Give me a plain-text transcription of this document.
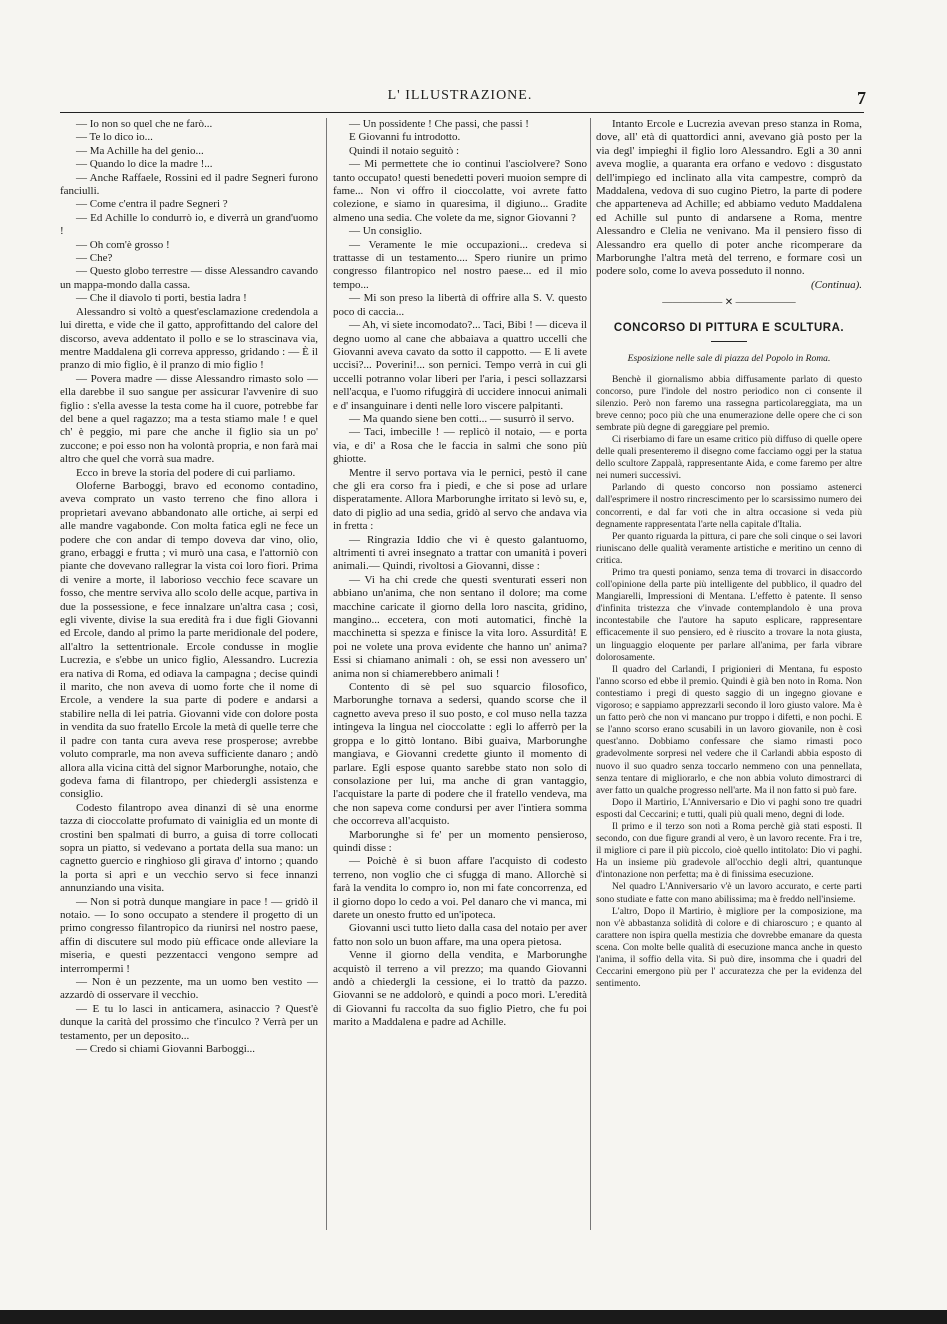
L' ILLUSTRAZIONE.	7

— Io non so quel che ne farò...

— Te lo dico io...

— Ma Achille ha del genio...

— Quando lo dice la madre !...

— Anche Raffaele, Rossini ed il padre Segneri furono fanciulli.

— Come c'entra il padre Segneri ?

— Ed Achille lo condurrò io, e diverrà un grand'uomo !

— Oh com'è grosso !

— Che?

— Questo globo terrestre — disse Alessandro cavando un mappa-mondo dalla cassa.

— Che il diavolo ti porti, bestia ladra !

Alessandro si voltò a quest'esclamazione credendola a lui diretta, e vide che il gatto, approfittando del calore del discorso, aveva addentato il pollo e se lo strascinava via, mentre Maddalena gli correva appresso, gridando : — È il pranzo di mio figlio, è il pranzo di mio figlio !

— Povera madre — disse Alessandro rimasto solo — ella darebbe il suo sangue per assicurar l'avvenire di suo figlio : s'ella avesse la testa come ha il cuore, potrebbe far del bene a quel ragazzo; ma a testa stiamo male ! e quel ch' è peggio, mi pare che anche il figlio sia un po' zuccone; e poi esso non ha volontà propria, e non farà mai altro che quel che vorrà sua madre.

Ecco in breve la storia del podere di cui parliamo.

Oloferne Barboggi, bravo ed economo contadino, aveva comprato un vasto terreno che fino allora i proprietari avevano abbandonato alle ortiche, ai serpi ed alle mandre vagabonde. Con molta fatica egli ne fece un podere che con andar di tempo doveva dar vino, olio, grano, erbaggi e frutta ; vi murò una casa, e l'attorniò con piante che dovevano rallegrar la vista coi loro fiori. Prima di venire a morte, il laborioso vecchio fece scavare un fosso, che mentre serviva allo scolo delle acque, partiva in due la possessione, e fece innalzare un'altra casa ; così, egli vivente, divise la sua eredità fra i due figli Giovanni ed Ercole, dando al primo la parte meridionale del podere, all'altro la settentrionale. Ercole condusse in moglie Lucrezia, e s'ebbe un unico figlio, Alessandro. Lucrezia era nativa di Roma, ed odiava la campagna ; decise quindi il marito, che non aveva di uomo forte che il nome di Ercole, a vendere la sua parte di podere e andarsi a stabilire nella di lei patria. Giovanni vide con dolore posta in vendita da suo fratello Ercole la metà di quelle terre che il padre con tanta cura aveva rese prosperose; avrebbe voluto comprarle, ma non aveva sufficiente danaro ; andò allora alla vicina città del signor Marborunghe, notaio, che godeva fama di filantropo, per chiedergli assistenza e consiglio.

Codesto filantropo avea dinanzi di sè una enorme tazza di cioccolatte profumato di vainiglia ed un monte di crostini ben spalmati di burro, a guisa di torre collocati sopra un piatto, si vedevano a portata della sua mano: un cagnetto guercio e ringhioso gli girava d' intorno ; quando la porta si aprì e un vecchio servo si fece innanzi annunziando una visita.

— Non si potrà dunque mangiare in pace ! — gridò il notaio. — Io sono occupato a stendere il progetto di un primo congresso filantropico da riunirsi nel nostro paese, affin di discutere sul modo più efficace onde alleviare la miseria, e questi pezzentacci vengono sempre ad interrompermi !

— Non è un pezzente, ma un uomo ben vestito — azzardò di osservare il vecchio.

— E tu lo lasci in anticamera, asinaccio ? Quest'è dunque la carità del prossimo che t'inculco ? Verrà per un testamento, per un deposito...

— Credo si chiami Giovanni Barboggi...

— Un possidente ! Che passi, che passi !

E Giovanni fu introdotto.

Quindi il notaio seguitò :

— Mi permettete che io continui l'asciolvere? Sono tanto occupato! questi benedetti poveri muoion sempre di fame... Non vi offro il cioccolatte, voi avrete fatto colezione, e siamo in quaresima, il digiuno... Gradite almeno una sedia. Che volete da me, signor Giovanni ?

— Un consiglio.

— Veramente le mie occupazioni... credeva si trattasse di un testamento.... Spero riunire un primo congresso filantropico nel nostro paese... ed il mio tempo...

— Mi son preso la libertà di offrire alla S. V. questo poco di caccia...

— Ah, vi siete incomodato?... Taci, Bibi ! — diceva il degno uomo al cane che abbaiava a quattro uccelli che Giovanni aveva cavato da sotto il cappotto. — E li avete uccisi?... Poverini!... son pernici. Tempo verrà in cui gli uccelli potranno volar liberi per l'aria, i pesci sollazzarsi nell'acqua, e l'uomo rifuggirà di uccidere innocui animali e d' insanguinare i denti nelle loro viscere palpitanti.

— Ma quando siene ben cotti... — susurrò il servo.

— Taci, imbecille ! — replicò il notaio, — e porta via, e di' a Rosa che le faccia in salmì che sono più ghiotte.

Mentre il servo portava via le pernici, pestò il cane che gli era corso fra i piedi, e che si pose ad urlare disperatamente. Allora Marborunghe irritato si levò su, e, dato di piglio ad una sedia, gridò al servo che andava via in fretta :

— Ringrazia Iddio che vi è questo galantuomo, altrimenti ti avrei insegnato a trattar con umanità i poveri animali.— Quindi, rivoltosi a Giovanni, disse :

— Vi ha chi crede che questi sventurati esseri non abbiano un'anima, che non sentano il dolore; ma come macchine caricate il giorno della loro nascita, gridino, mangino... eccetera, con moti automatici, finchè la macchinetta si spezza e finisce la vita loro. Assurdità! E poi ne volete una prova evidente che hanno un' anima? Essi si chiamano animali : oh, se essi non avessero un' anima non si chiamerebbero animali !

Contento di sè pel suo squarcio filosofico, Marborunghe tornava a sedersi, quando scorse che il cagnetto aveva preso il suo posto, e col muso nella tazza intingeva la lingua nel cioccolatte : egli lo afferrò per la groppa e lo gittò lontano. Bibi guaiva, Marborunghe mangiava, e Giovanni credette giunto il momento di parlare. Egli espose quanto sarebbe stato non solo di consolazione per lui, ma anche di gran vantaggio, l'acquistare la parte di podere che il fratello vendeva, ma che non sapeva come condursi per aver l'intiera somma che occorreva all'acquisto.

Marborunghe si fe' per un momento pensieroso, quindi disse :

— Poichè è sì buon affare l'acquisto di codesto terreno, non voglio che ci sfugga di mano. Allorchè si farà la vendita lo compro io, non mi fate concorrenza, ed il giorno dopo lo cedo a voi. Pel danaro che vi manca, mi darete un onesto frutto ed un'ipoteca.

Giovanni uscì tutto lieto dalla casa del notaio per aver fatto non solo un buon affare, ma una opera pietosa.

Venne il giorno della vendita, e Marborunghe acquistò il terreno a vil prezzo; ma quando Giovanni andò a chiedergli la cessione, ei lo trattò da pazzo. Giovanni se ne addolorò, e quindi a poco morì. L'eredità di Giovanni fu raccolta da suo figlio Pietro, che fu poi marito a Maddalena e padre ad Achille.

Intanto Ercole e Lucrezia avevan preso stanza in Roma, dove, all' età di quattordici anni, avevano già posto per la via degl' impieghi il figlio loro Alessandro. Egli a 30 anni aveva moglie, a quaranta era orfano e vedovo : disgustato dell'impiego ed inclinato alla vita campestre, comprò da Maddalena, vedova di suo cugino Pietro, la parte di podere che apparteneva ad Achille; ed abbiamo veduto Maddalena ed Achille sul punto di andarsene a Roma, mentre Alessandro e Clelia ne venivano. Ma il pensiero fisso di Alessandro era quello di poter anche ricomperare da Marborunghe l'altra metà del terreno, e formare così un podere solo, come lo aveva posseduto il nonno.

(Continua).

—————— ✕ ——————
CONCORSO DI PITTURA E SCULTURA.

Esposizione nelle sale di piazza del Popolo in Roma.

Benchè il giornalismo abbia diffusamente parlato di questo concorso, pure l'indole del nostro periodico non ci consente il silenzio. Però non faremo una rassegna particolareggiata, ma un breve cenno; poco più che una enumerazione delle opere che ci son sembrate più degne di gareggiare pel premio.

Ci riserbiamo di fare un esame critico più diffuso di quelle opere delle quali presenteremo il disegno come facciamo oggi per la statua dello scultore Zappalà, rappresentante Aida, e come faremo per altre nei numeri successivi.

Parlando di questo concorso non possiamo astenerci dall'esprimere il nostro rincrescimento per lo scarsissimo numero dei concorrenti, e dal far voti che in altra occasione si veda più degnamente rappresentata l'arte nella capitale d'Italia.

Per quanto riguarda la pittura, ci pare che soli cinque o sei lavori riuniscano delle qualità veramente artistiche e meritino un cenno di critica.

Primo tra questi poniamo, senza tema di trovarci in disaccordo coll'opinione della parte più intelligente del pubblico, il quadro del Mangiarelli, Impressioni di Mentana. L'effetto è patente. Il senso d'infinita tristezza che v'invade contemplandolo è una prova incontestabile che l'autore ha saputo esplicare, rappresentare efficacemente il suo pensiero, ed è riuscito a trovare la nota giusta, un linguaggio eloquente per parlare all'anima, per farla vibrare dolorosamente.

Il quadro del Carlandi, I prigionieri di Mentana, fu esposto l'anno scorso ed ebbe il premio. Quindi è già ben noto in Roma. Non contestiamo i pregi di questo saggio di un ingegno giovane e vigoroso; e sappiamo apprezzarli secondo il loro giusto valore. Ma è un fatto però che non vi mancano pur troppo i difetti, e non pochi. E se l'anno scorso erano scusabili in un lavoro giovanile, non è così quest'anno. Dobbiamo confessare che siamo rimasti poco gradevolmente sorpresi nel vedere che il Carlandi abbia esposto di nuovo il suo quadro senza toccarlo nemmeno con una pennellata, senza tentare di migliorarlo, e che non abbia voluto dimostrarci di aver fatto un qualche progresso nell'arte. Ma il non fatto si può fare.

Dopo il Martirio, L'Anniversario e Dio vi paghi sono tre quadri esposti dal Ceccarini; e tutti, quali più quali meno, degni di lode.

Il primo e il terzo son notì a Roma perchè già stati esposti. Il secondo, con due figure grandi al vero, è un lavoro recente. Fra i tre, il migliore ci pare il più piccolo, cioè quello intitolato: Dio vi paghi. Ha un insieme più gradevole all'occhio degli altri, quantunque d'intonazione non perfetta; ma è di finissima esecuzione.

Nel quadro L'Anniversario v'è un lavoro accurato, e certe parti sono studiate e fatte con mano abilissima; ma è freddo nell'insieme.

L'altro, Dopo il Martirio, è migliore per la composizione, ma non v'è abbastanza solidità di colore e di chiaroscuro ; e quanto al carattere non ispira quella mestizia che dovrebbe emanare da questa scena. Con molte belle qualità di esecuzione manca anche in questo l'anima, il soffio della vita. Si può dire, insomma che i quadri del Ceccarini emergono più per l' accuratezza che per la evidenza del sentimento.
